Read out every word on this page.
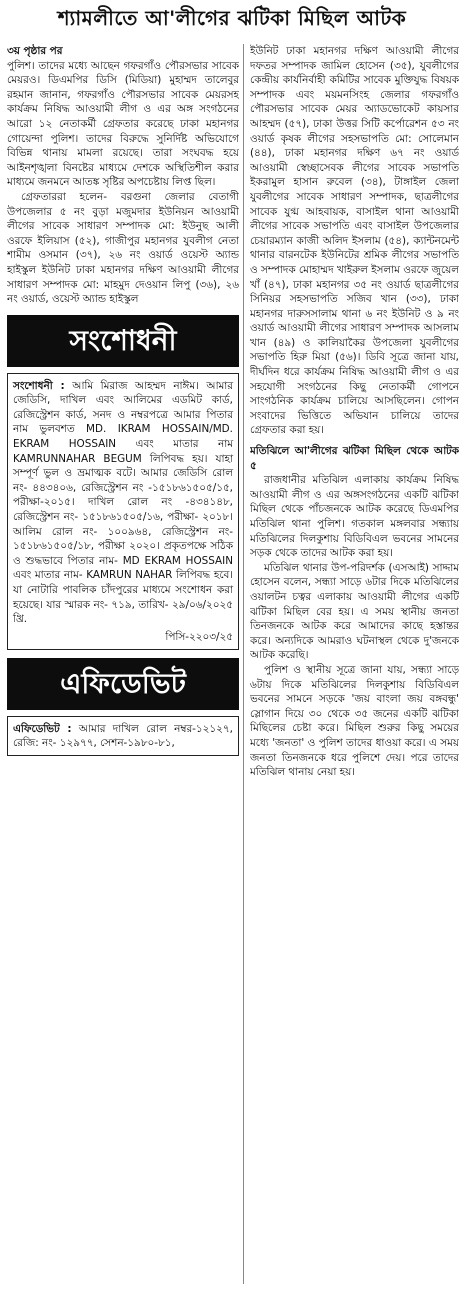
শ্যামলীতে আ'লীগের ঝটিকা মিছিল আটক

৩য় পৃষ্ঠার পর

পুলিশ। তাদের মধ্যে আছেন গফরগাঁও পৌরসভার সাবেক মেয়রও। ডিএমপির ডিসি (মিডিয়া) মুহাম্মদ তালেবুর রহমান জানান, গফরগাঁও পৌরসভার সাবেক মেয়রসহ কার্যক্রম নিষিদ্ধ আওয়ামী লীগ ও এর অঙ্গ সংগঠনের আরো ১২ নেতাকর্মী গ্রেফতার করেছে ঢাকা মহানগর গোয়েন্দা পুলিশ। তাদের বিরুদ্ধে সুনির্দিষ্ট অভিযোগে বিভিন্ন থানায় মামলা রয়েছে। তারা সংঘবদ্ধ হয়ে আইনশৃঙ্খলা বিনষ্টের মাধ্যমে দেশকে অস্থিতিশীল করার মাধ্যমে জনমনে আতঙ্ক সৃষ্টির অপচেষ্টায় লিপ্ত ছিল।

গ্রেফতাররা হলেন- বরগুনা জেলার বেতাগী উপজেলার ৫ নং বুড়া মজুমদার ইউনিয়ন আওয়ামী লীগের সাবেক সাধারণ সম্পাদক মো: ইউনুছ আলী ওরফে ইলিয়াস (৫২), গাজীপুর মহানগর যুবলীগ নেতা শামীম ওসমান (৩৭), ২৬ নং ওয়ার্ড ওয়েস্ট অ্যান্ড হাইস্কুল ইউনিট ঢাকা মহানগর দক্ষিণ আওয়ামী লীগের সাধারণ সম্পাদক মো: মাহমুদ দেওয়ান লিপু (৩৬), ২৬ নং ওয়ার্ড, ওয়েস্ট অ্যান্ড হাইস্কুল

সংশোধনী

সংশোধনী : আমি মিরাজ আহম্মদ নাঈম। আমার জেডিসি, দাখিল এবং আলিমের এডমিট কার্ড, রেজিস্ট্রেশন কার্ড, সনদ ও নম্বরপত্রে আমার পিতার নাম ভুলবশত MD. IKRAM HOSSAIN/MD. EKRAM HOSSAIN এবং মাতার নাম KAMRUNNAHAR BEGUM লিপিবদ্ধ হয়। যাহা সম্পূর্ণ ভুল ও ভ্রমাত্মক বটে। আমার জেডিসি রোল নং- ৪৪৩৪০৬, রেজিস্ট্রেশন নং -১৫১৮৬১৫০৫/১৫, পরীক্ষা-২০১৫। দাখিল রোল নং -৪৩৪১৪৮, রেজিস্ট্রেশন নং- ১৫১৮৬১৫০৫/১৬, পরীক্ষা- ২০১৮। আলিম রোল নং- ১০০৯৬৪, রেজিস্ট্রেশন নং- ১৫১৮৬১৫০৫/১৮, পরীক্ষা ২০২০। প্রকৃতপক্ষে সঠিক ও শুদ্ধভাবে পিতার নাম- MD EKRAM HOSSAIN এবং মাতার নাম- KAMRUN NAHAR লিপিবদ্ধ হবে। যা নোটারি পাবলিক চাঁদপুরের মাধ্যমে সংশোধন করা হয়েছে। যার স্মারক নং- ৭১৯, তারিখ- ২৯/০৬/২০২৫ খ্রি.

পিসি-২২০৩/২৫
এফিডেভিট

এফিডেভিট : আমার দাখিল রোল নম্বর-১২১২৭, রেজি: নং- ১২৯৭৭, সেশন-১৯৮০-৮১,

ইউনিট ঢাকা মহানগর দক্ষিণ আওয়ামী লীগের দফতর সম্পাদক জামিল হোসেন (৩৫), যুবলীগের কেন্দ্রীয় কার্যনির্বাহী কমিটির সাবেক মুক্তিযুদ্ধ বিষয়ক সম্পাদক এবং ময়মনসিংহ জেলার গফরগাঁও পৌরসভার সাবেক মেয়র অ্যাডভোকেট কায়সার আহম্মদ (৫৭), ঢাকা উত্তর সিটি কর্পোরেশন ৫৩ নং ওয়ার্ড কৃষক লীগের সহসভাপতি মো: সোলেমান (৪৪), ঢাকা মহানগর দক্ষিণ ৬৭ নং ওয়ার্ড আওয়ামী স্বেচ্ছাসেবক লীগের সাবেক সভাপতি ইকরামুল হাসান রুবেল (৩৪), টাঙ্গাইল জেলা যুবলীগের সাবেক সাধারণ সম্পাদক, ছাত্রলীগের সাবেক যুগ্ম আহবায়ক, বাসাইল থানা আওয়ামী লীগের সাবেক সভাপতি এবং বাসাইল উপজেলার চেয়ারম্যান কাজী অলিদ ইসলাম (৫৪), ক্যান্টনমেন্ট থানার বারনটেক ইউনিটের শ্রমিক লীগের সভাপতি ও সম্পাদক মোহাম্মদ খাইরুল ইসলাম ওরফে জুয়েল খাঁ (৪৭), ঢাকা মহানগর ৩৫ নং ওয়ার্ড ছাত্রলীগের সিনিয়র সহসভাপতি সজিব খান (৩৩), ঢাকা মহানগর দারুসসালাম থানা ৬ নং ইউনিট ও ৯ নং ওয়ার্ড আওয়ামী লীগের সাধারণ সম্পাদক আসলাম খান (৪৯) ও কালিয়াকৈর উপজেলা যুবলীগের সভাপতি হিরু মিয়া (৫৬)। ডিবি সূত্রে জানা যায়, দীর্ঘদিন ধরে কার্যক্রম নিষিদ্ধ আওয়ামী লীগ ও এর সহযোগী সংগঠনের কিছু নেতাকর্মী গোপনে সাংগঠনিক কার্যক্রম চালিয়ে আসছিলেন। গোপন সংবাদের ভিত্তিতে অভিযান চালিয়ে তাদের গ্রেফতার করা হয়।

মতিঝিলে আ'লীগের ঝটিকা মিছিল থেকে আটক ৫

রাজধানীর মতিঝিল এলাকায় কার্যক্রম নিষিদ্ধ আওয়ামী লীগ ও এর অঙ্গসংগঠনের একটি ঝটিকা মিছিল থেকে পাঁচজনকে আটক করেছে ডিএমপির মতিঝিল থানা পুলিশ। গতকাল মঙ্গলবার সন্ধ্যায় মতিঝিলের দিলকুশায় বিডিবিএল ভবনের সামনের সড়ক থেকে তাদের আটক করা হয়।

মতিঝিল থানার উপ-পরিদর্শক (এসআই) সাদ্দাম হোসেন বলেন, সন্ধ্যা সাড়ে ৬টার দিকে মতিঝিলের ওয়ালটন চত্বর এলাকায় আওয়ামী লীগের একটি ঝটিকা মিছিল বের হয়। এ সময় স্থানীয় জনতা তিনজনকে আটক করে আমাদের কাছে হস্তান্তর করে। অন্যদিকে আমরাও ঘটনাস্থল থেকে দু'জনকে আটক করেছি।

পুলিশ ও স্থানীয় সূত্রে জানা যায়, সন্ধ্যা সাড়ে ৬টায় দিকে মতিঝিলের দিলকুশায় বিডিবিএল ভবনের সামনে সড়কে 'জয় বাংলা জয় বঙ্গবন্ধু' স্লোগান দিয়ে ৩০ থেকে ৩৫ জনের একটি ঝটিকা মিছিলের চেষ্টা করে। মিছিল শুরুর কিছু সময়ের মধ্যে 'জনতা' ও পুলিশ তাদের ধাওয়া করে। এ সময় জনতা তিনজনকে ধরে পুলিশে দেয়। পরে তাদের মতিঝিল থানায় নেয়া হয়।
